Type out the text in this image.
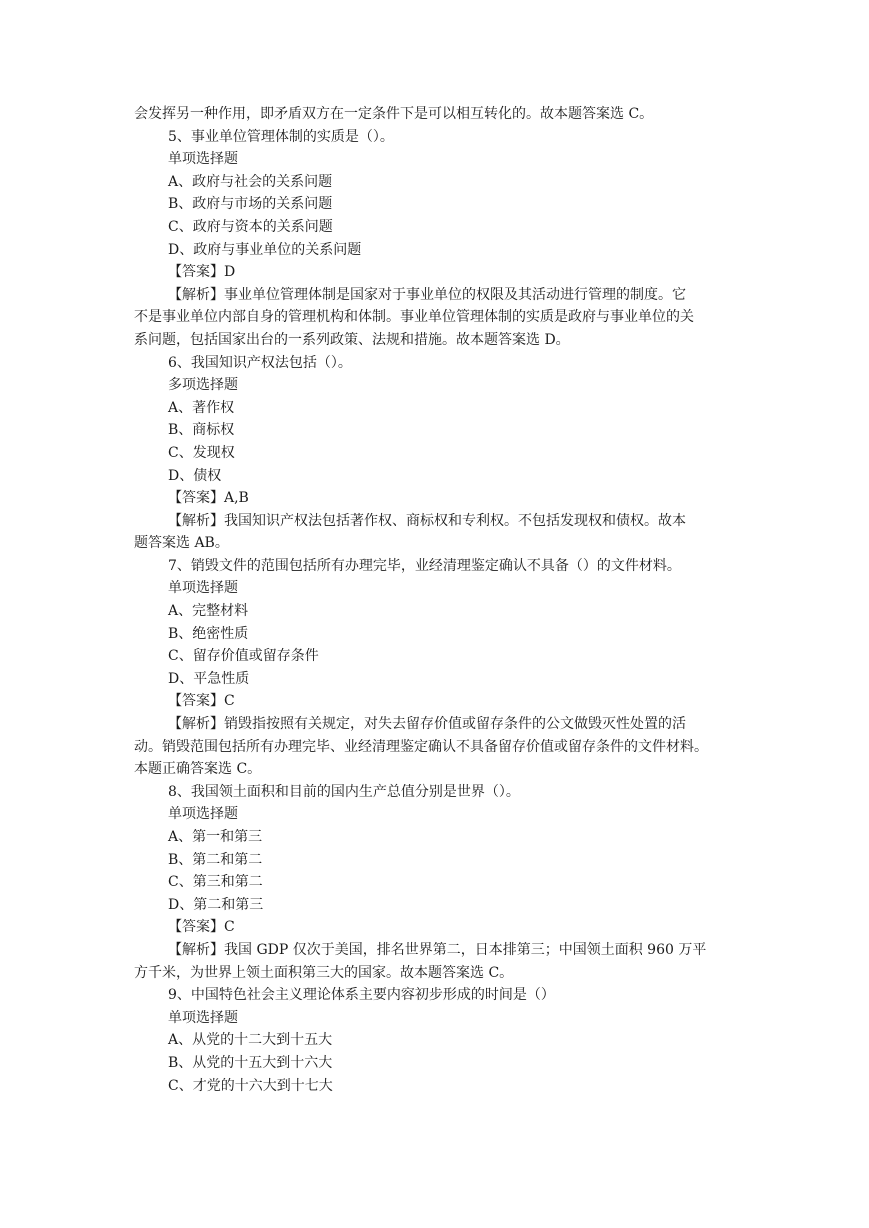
会发挥另一种作用，即矛盾双方在一定条件下是可以相互转化的。故本题答案选 C。
5、事业单位管理体制的实质是（）。
单项选择题
A、政府与社会的关系问题
B、政府与市场的关系问题
C、政府与资本的关系问题
D、政府与事业单位的关系问题
【答案】D
【解析】事业单位管理体制是国家对于事业单位的权限及其活动进行管理的制度。它
不是事业单位内部自身的管理机构和体制。事业单位管理体制的实质是政府与事业单位的关
系问题，包括国家出台的一系列政策、法规和措施。故本题答案选 D。
6、我国知识产权法包括（）。
多项选择题
A、著作权
B、商标权
C、发现权
D、债权
【答案】A,B
【解析】我国知识产权法包括著作权、商标权和专利权。不包括发现权和债权。故本
题答案选 AB。
7、销毁文件的范围包括所有办理完毕，业经清理鉴定确认不具备（）的文件材料。
单项选择题
A、完整材料
B、绝密性质
C、留存价值或留存条件
D、平急性质
【答案】C
【解析】销毁指按照有关规定，对失去留存价值或留存条件的公文做毁灭性处置的活
动。销毁范围包括所有办理完毕、业经清理鉴定确认不具备留存价值或留存条件的文件材料。
本题正确答案选 C。
8、我国领土面积和目前的国内生产总值分别是世界（）。
单项选择题
A、第一和第三
B、第二和第二
C、第三和第二
D、第二和第三
【答案】C
【解析】我国 GDP 仅次于美国，排名世界第二，日本排第三；中国领土面积 960 万平
方千米，为世界上领土面积第三大的国家。故本题答案选 C。
9、中国特色社会主义理论体系主要内容初步形成的时间是（）
单项选择题
A、从党的十二大到十五大
B、从党的十五大到十六大
C、才党的十六大到十七大
